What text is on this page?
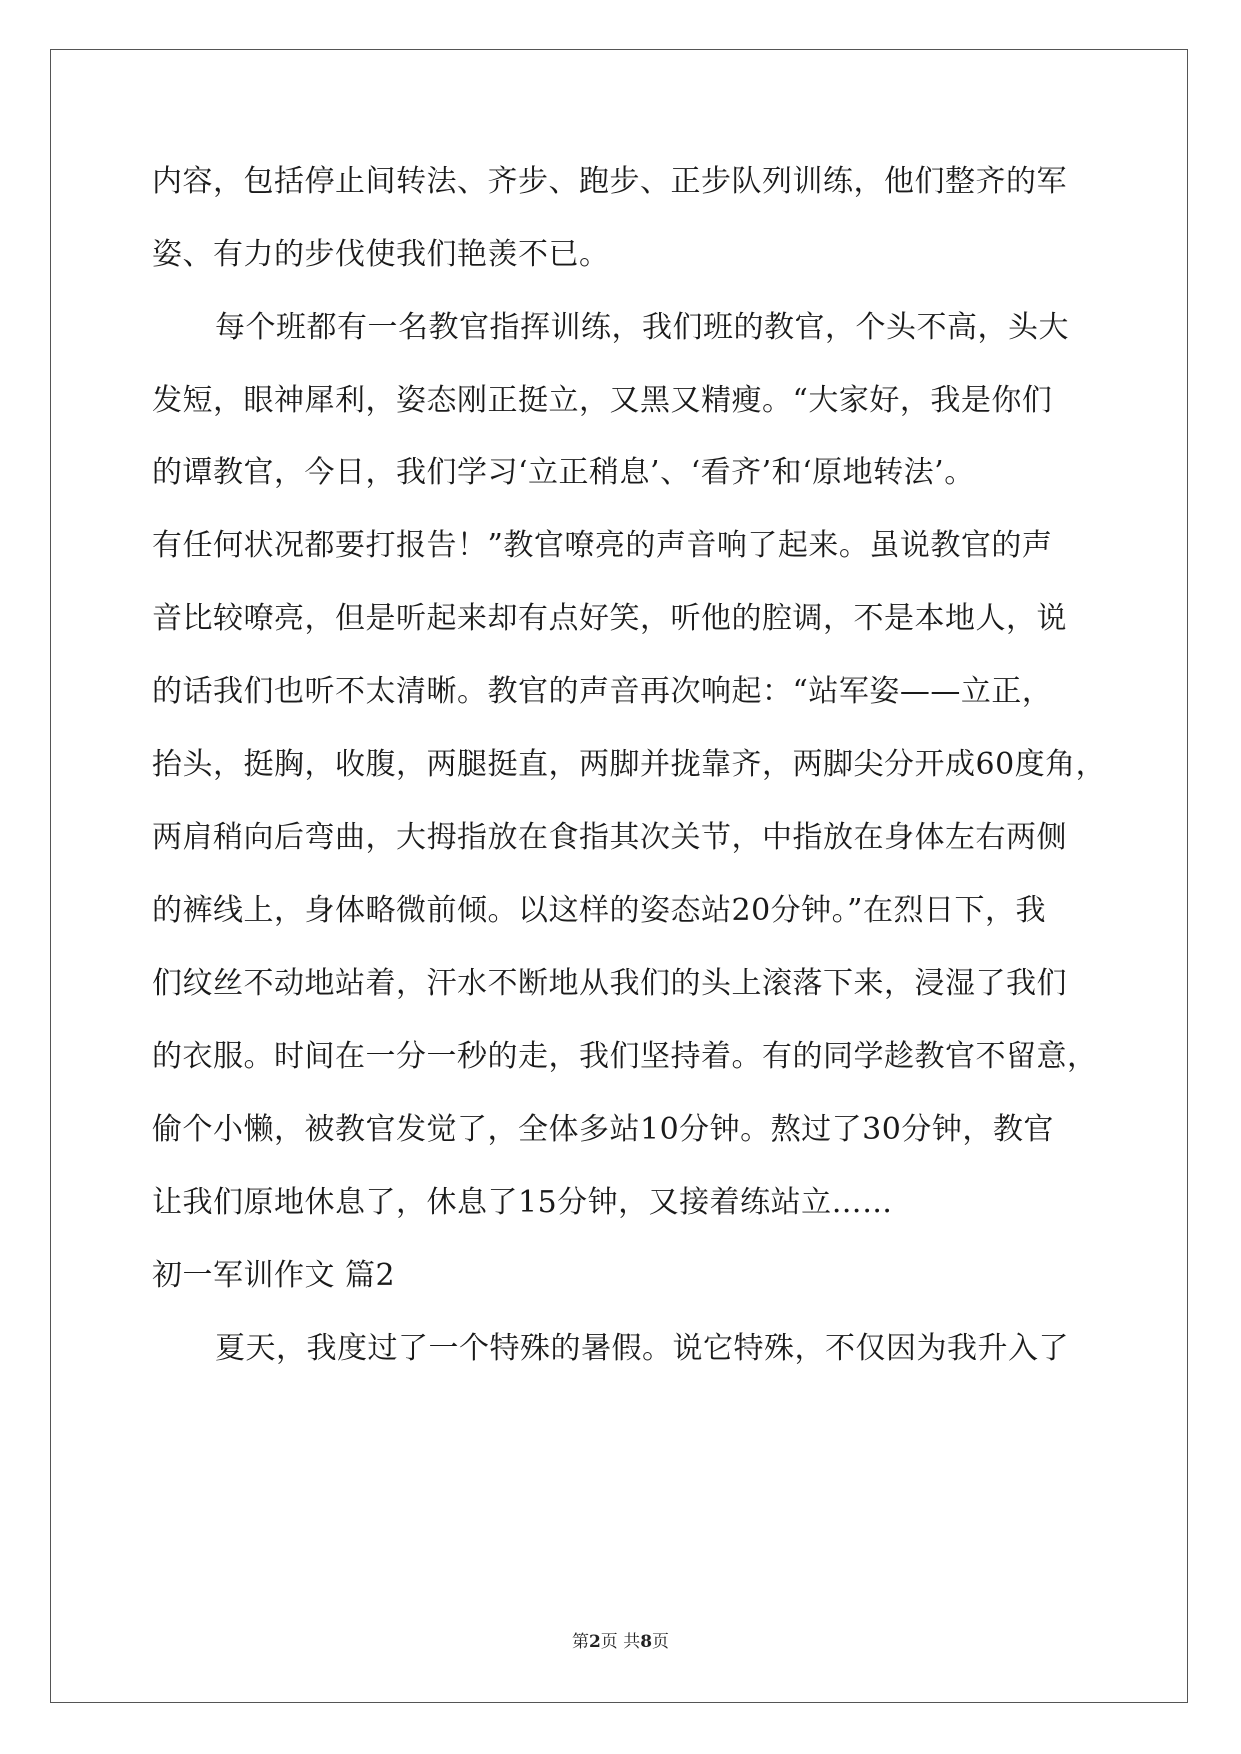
内容，包括停止间转法、齐步、跑步、正步队列训练，他们整齐的军
姿、有力的步伐使我们艳羡不已。
每个班都有一名教官指挥训练，我们班的教官，个头不高，头大
发短，眼神犀利，姿态刚正挺立，又黑又精瘦。“大家好，我是你们
的谭教官，今日，我们学习‘立正稍息’、‘看齐’和‘原地转法’。
有任何状况都要打报告！”教官嘹亮的声音响了起来。虽说教官的声
音比较嘹亮，但是听起来却有点好笑，听他的腔调，不是本地人，说
的话我们也听不太清晰。教官的声音再次响起：“站军姿——立正，
抬头，挺胸，收腹，两腿挺直，两脚并拢靠齐，两脚尖分开成60度角，
两肩稍向后弯曲，大拇指放在食指其次关节，中指放在身体左右两侧
的裤线上，身体略微前倾。以这样的姿态站20分钟。”在烈日下，我
们纹丝不动地站着，汗水不断地从我们的头上滚落下来，浸湿了我们
的衣服。时间在一分一秒的走，我们坚持着。有的同学趁教官不留意，
偷个小懒，被教官发觉了，全体多站10分钟。熬过了30分钟，教官
让我们原地休息了，休息了15分钟，又接着练站立……
初一军训作文 篇2
夏天，我度过了一个特殊的暑假。说它特殊，不仅因为我升入了
第2页 共8页
